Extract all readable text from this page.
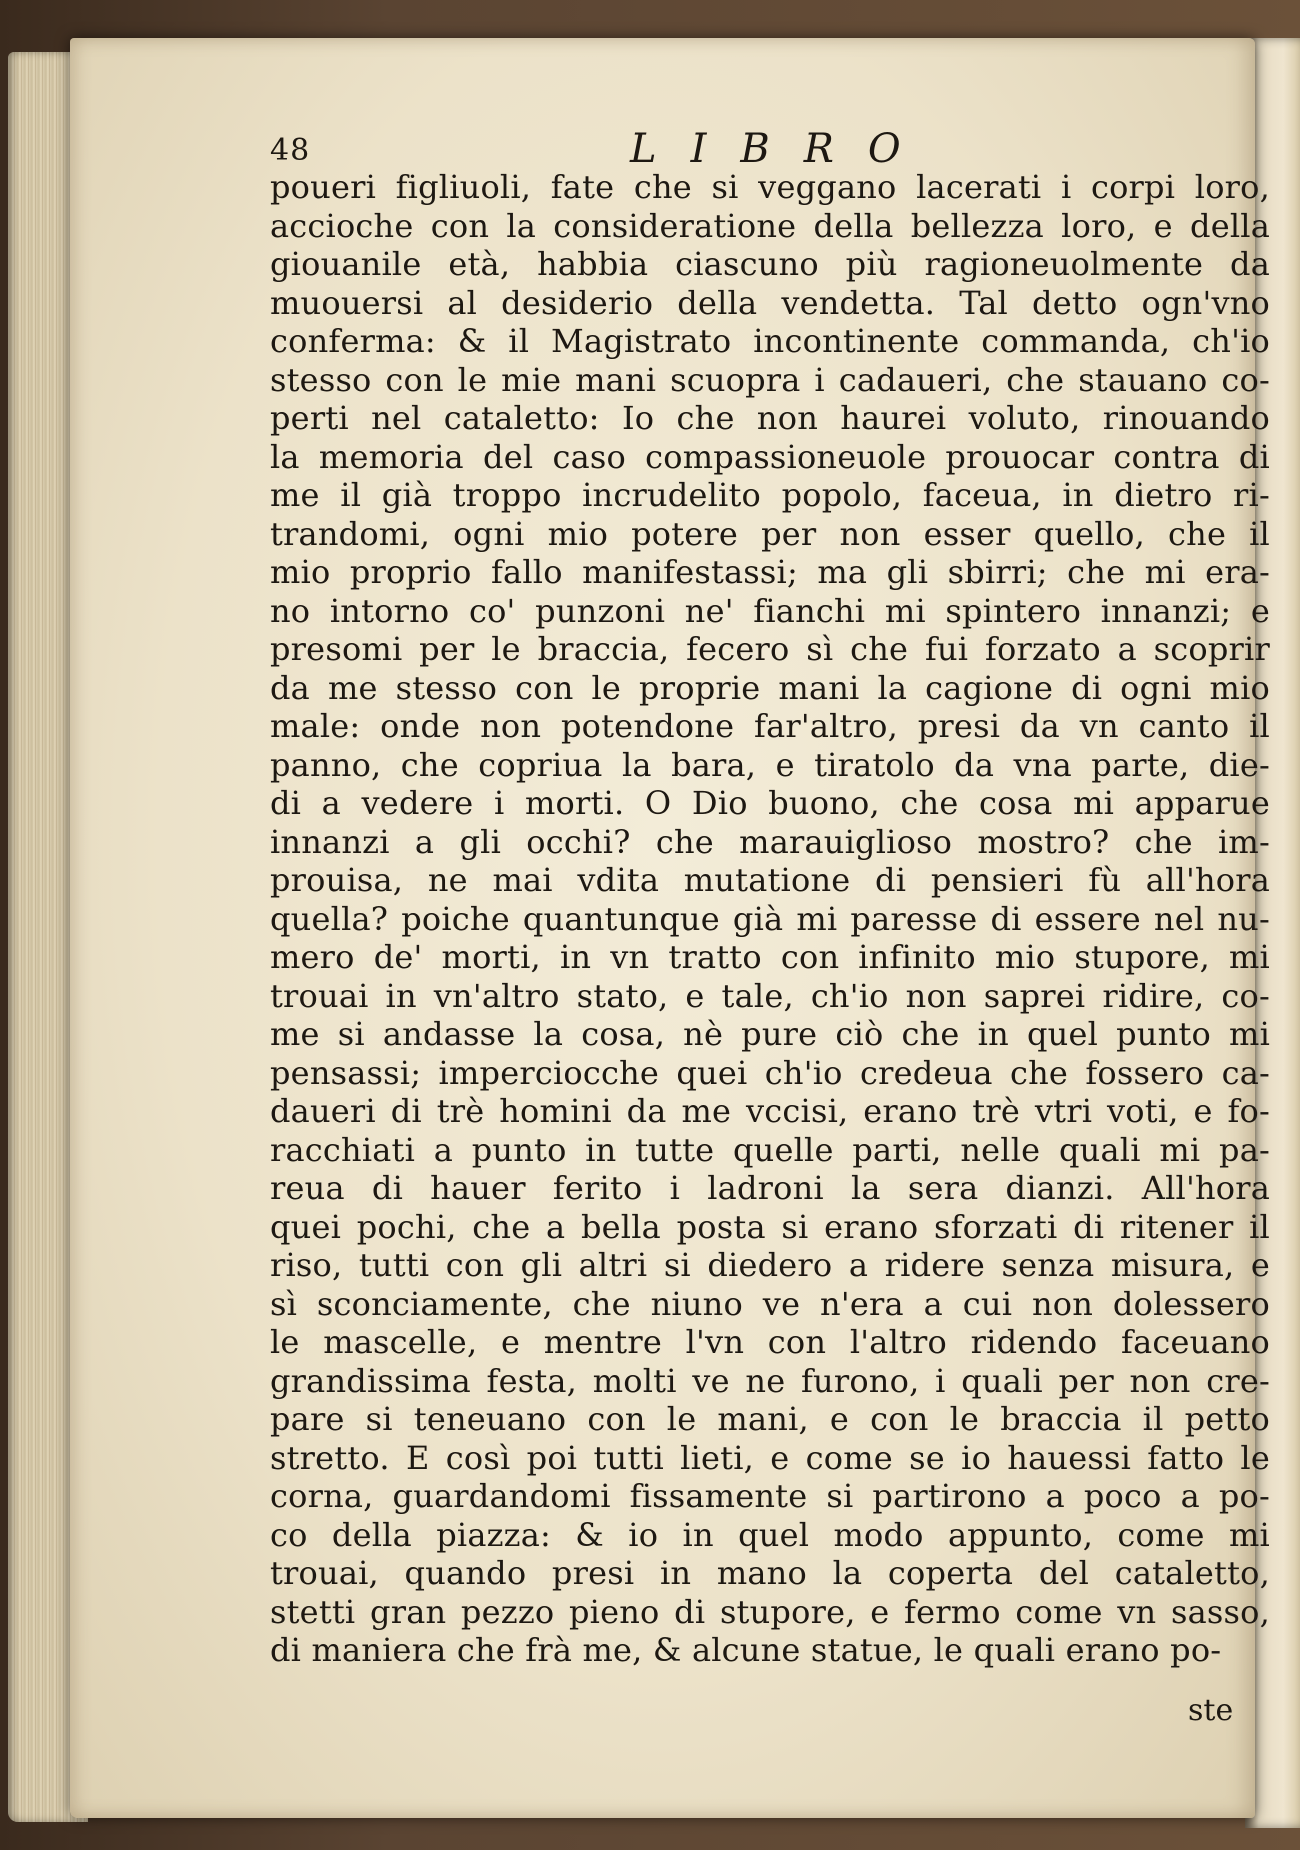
48	LIBRO
poueri figliuoli, fate che si veggano lacerati i corpi loro,
accioche con la consideratione della bellezza loro, e della
giouanile età, habbia ciascuno più ragioneuolmente da
muouersi al desiderio della vendetta. Tal detto ogn'vno
conferma: & il Magistrato incontinente commanda, ch'io
stesso con le mie mani scuopra i cadaueri, che stauano co-
perti nel cataletto: Io che non haurei voluto, rinouando
la memoria del caso compassioneuole prouocar contra di
me il già troppo incrudelito popolo, faceua, in dietro ri-
trandomi, ogni mio potere per non esser quello, che il
mio proprio fallo manifestassi; ma gli sbirri; che mi era-
no intorno co' punzoni ne' fianchi mi spintero innanzi; e
presomi per le braccia, fecero sì che fui forzato a scoprir
da me stesso con le proprie mani la cagione di ogni mio
male: onde non potendone far'altro, presi da vn canto il
panno, che copriua la bara, e tiratolo da vna parte, die-
di a vedere i morti. O Dio buono, che cosa mi apparue
innanzi a gli occhi? che marauiglioso mostro? che im-
prouisa, ne mai vdita mutatione di pensieri fù all'hora
quella? poiche quantunque già mi paresse di essere nel nu-
mero de' morti, in vn tratto con infinito mio stupore, mi
trouai in vn'altro stato, e tale, ch'io non saprei ridire, co-
me si andasse la cosa, nè pure ciò che in quel punto mi
pensassi; imperciocche quei ch'io credeua che fossero ca-
daueri di trè homini da me vccisi, erano trè vtri voti, e fo-
racchiati a punto in tutte quelle parti, nelle quali mi pa-
reua di hauer ferito i ladroni la sera dianzi. All'hora
quei pochi, che a bella posta si erano sforzati di ritener il
riso, tutti con gli altri si diedero a ridere senza misura, e
sì sconciamente, che niuno ve n'era a cui non dolessero
le mascelle, e mentre l'vn con l'altro ridendo faceuano
grandissima festa, molti ve ne furono, i quali per non cre-
pare si teneuano con le mani, e con le braccia il petto
stretto. E così poi tutti lieti, e come se io hauessi fatto le
corna, guardandomi fissamente si partirono a poco a po-
co della piazza: & io in quel modo appunto, come mi
trouai, quando presi in mano la coperta del cataletto,
stetti gran pezzo pieno di stupore, e fermo come vn sasso,
di maniera che frà me, & alcune statue, le quali erano po-
ste
